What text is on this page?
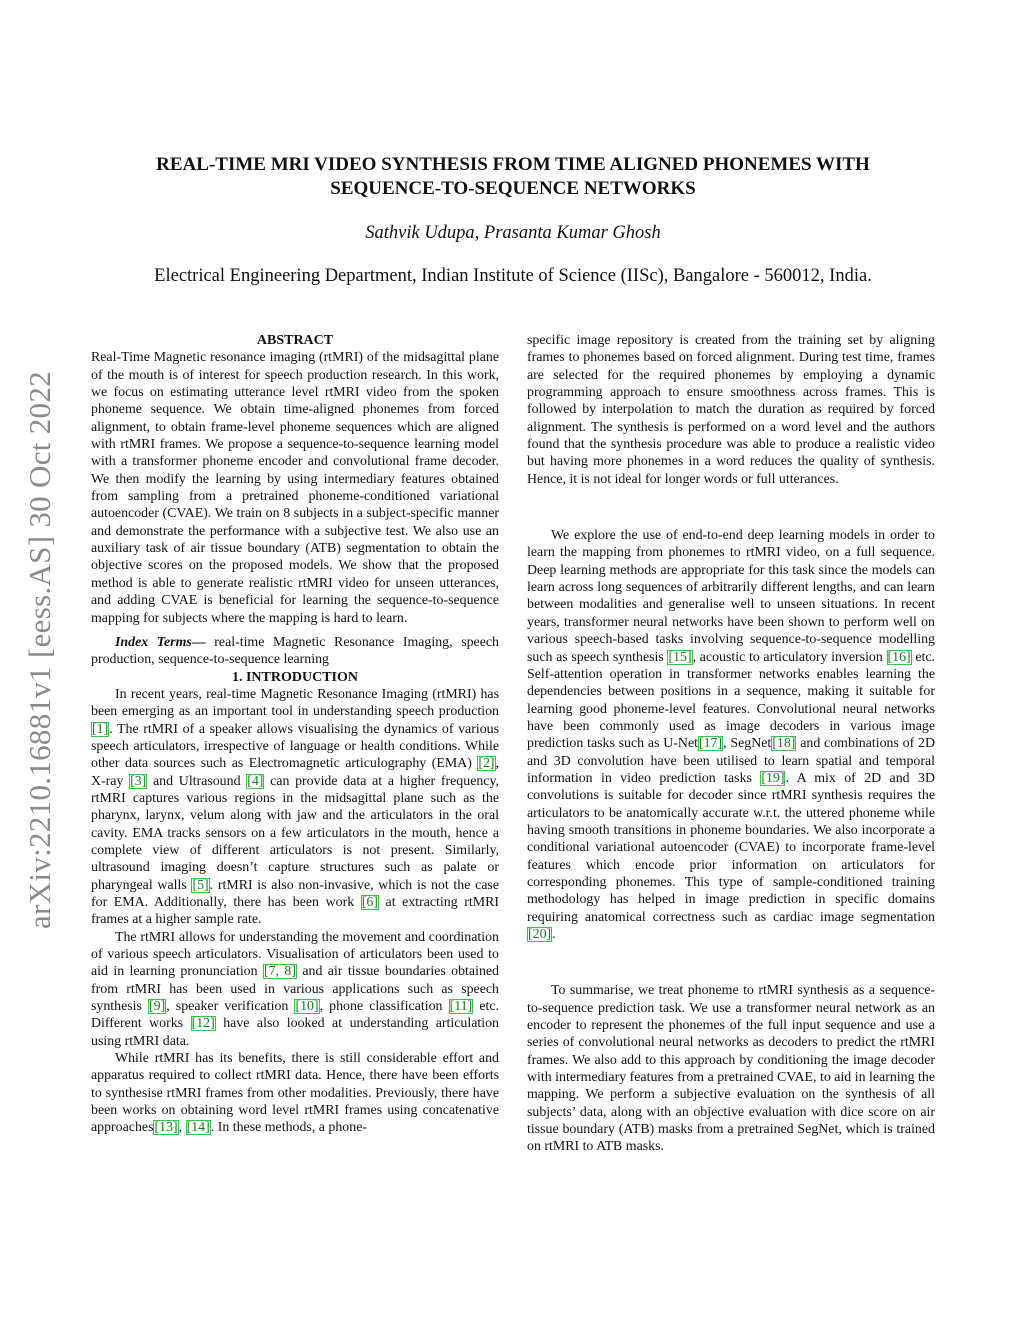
arXiv:2210.16881v1 [eess.AS] 30 Oct 2022
REAL-TIME MRI VIDEO SYNTHESIS FROM TIME ALIGNED PHONEMES WITH
SEQUENCE-TO-SEQUENCE NETWORKS

Sathvik Udupa, Prasanta Kumar Ghosh

Electrical Engineering Department, Indian Institute of Science (IISc), Bangalore - 560012, India.

ABSTRACT

Real-Time Magnetic resonance imaging (rtMRI) of the midsagittal plane of the mouth is of interest for speech production research. In this work, we focus on estimating utterance level rtMRI video from the spoken phoneme sequence. We obtain time-aligned phonemes from forced alignment, to obtain frame-level phoneme sequences which are aligned with rtMRI frames. We propose a sequence-to-sequence learning model with a transformer phoneme encoder and convolutional frame decoder. We then modify the learning by using intermediary features obtained from sampling from a pretrained phoneme-conditioned variational autoencoder (CVAE). We train on 8 subjects in a subject-specific manner and demonstrate the performance with a subjective test. We also use an auxiliary task of air tissue boundary (ATB) segmentation to obtain the objective scores on the proposed models. We show that the proposed method is able to generate realistic rtMRI video for unseen utterances, and adding CVAE is beneficial for learning the sequence-to-sequence mapping for subjects where the mapping is hard to learn.

Index Terms— real-time Magnetic Resonance Imaging, speech production, sequence-to-sequence learning

1. INTRODUCTION

In recent years, real-time Magnetic Resonance Imaging (rtMRI) has been emerging as an important tool in understanding speech production [1]. The rtMRI of a speaker allows visualising the dynamics of various speech articulators, irrespective of language or health conditions. While other data sources such as Electromagnetic articulography (EMA) [2], X-ray [3] and Ultrasound [4] can provide data at a higher frequency, rtMRI captures various regions in the midsagittal plane such as the pharynx, larynx, velum along with jaw and the articulators in the oral cavity. EMA tracks sensors on a few articulators in the mouth, hence a complete view of different articulators is not present. Similarly, ultrasound imaging doesn’t capture structures such as palate or pharyngeal walls [5]. rtMRI is also non-invasive, which is not the case for EMA. Additionally, there has been work [6] at extracting rtMRI frames at a higher sample rate.

The rtMRI allows for understanding the movement and coordination of various speech articulators. Visualisation of articulators been used to aid in learning pronunciation [7, 8] and air tissue boundaries obtained from rtMRI has been used in various applications such as speech synthesis [9], speaker verification [10], phone classification [11] etc. Different works [12] have also looked at understanding articulation using rtMRI data.

While rtMRI has its benefits, there is still considerable effort and apparatus required to collect rtMRI data. Hence, there have been efforts to synthesise rtMRI frames from other modalities. Previously, there have been works on obtaining word level rtMRI frames using concatenative approaches[13], [14]. In these methods, a phone-

specific image repository is created from the training set by aligning frames to phonemes based on forced alignment. During test time, frames are selected for the required phonemes by employing a dynamic programming approach to ensure smoothness across frames. This is followed by interpolation to match the duration as required by forced alignment. The synthesis is performed on a word level and the authors found that the synthesis procedure was able to produce a realistic video but having more phonemes in a word reduces the quality of synthesis. Hence, it is not ideal for longer words or full utterances.

We explore the use of end-to-end deep learning models in order to learn the mapping from phonemes to rtMRI video, on a full sequence. Deep learning methods are appropriate for this task since the models can learn across long sequences of arbitrarily different lengths, and can learn between modalities and generalise well to unseen situations. In recent years, transformer neural networks have been shown to perform well on various speech-based tasks involving sequence-to-sequence modelling such as speech synthesis [15], acoustic to articulatory inversion [16] etc. Self-attention operation in transformer networks enables learning the dependencies between positions in a sequence, making it suitable for learning good phoneme-level features. Convolutional neural networks have been commonly used as image decoders in various image prediction tasks such as U-Net[17], SegNet[18] and combinations of 2D and 3D convolution have been utilised to learn spatial and temporal information in video prediction tasks [19]. A mix of 2D and 3D convolutions is suitable for decoder since rtMRI synthesis requires the articulators to be anatomically accurate w.r.t. the uttered phoneme while having smooth transitions in phoneme boundaries. We also incorporate a conditional variational autoencoder (CVAE) to incorporate frame-level features which encode prior information on articulators for corresponding phonemes. This type of sample-conditioned training methodology has helped in image prediction in specific domains requiring anatomical correctness such as cardiac image segmentation [20].

To summarise, we treat phoneme to rtMRI synthesis as a sequence-to-sequence prediction task. We use a transformer neural network as an encoder to represent the phonemes of the full input sequence and use a series of convolutional neural networks as decoders to predict the rtMRI frames. We also add to this approach by conditioning the image decoder with intermediary features from a pretrained CVAE, to aid in learning the mapping. We perform a subjective evaluation on the synthesis of all subjects’ data, along with an objective evaluation with dice score on air tissue boundary (ATB) masks from a pretrained SegNet, which is trained on rtMRI to ATB masks.
